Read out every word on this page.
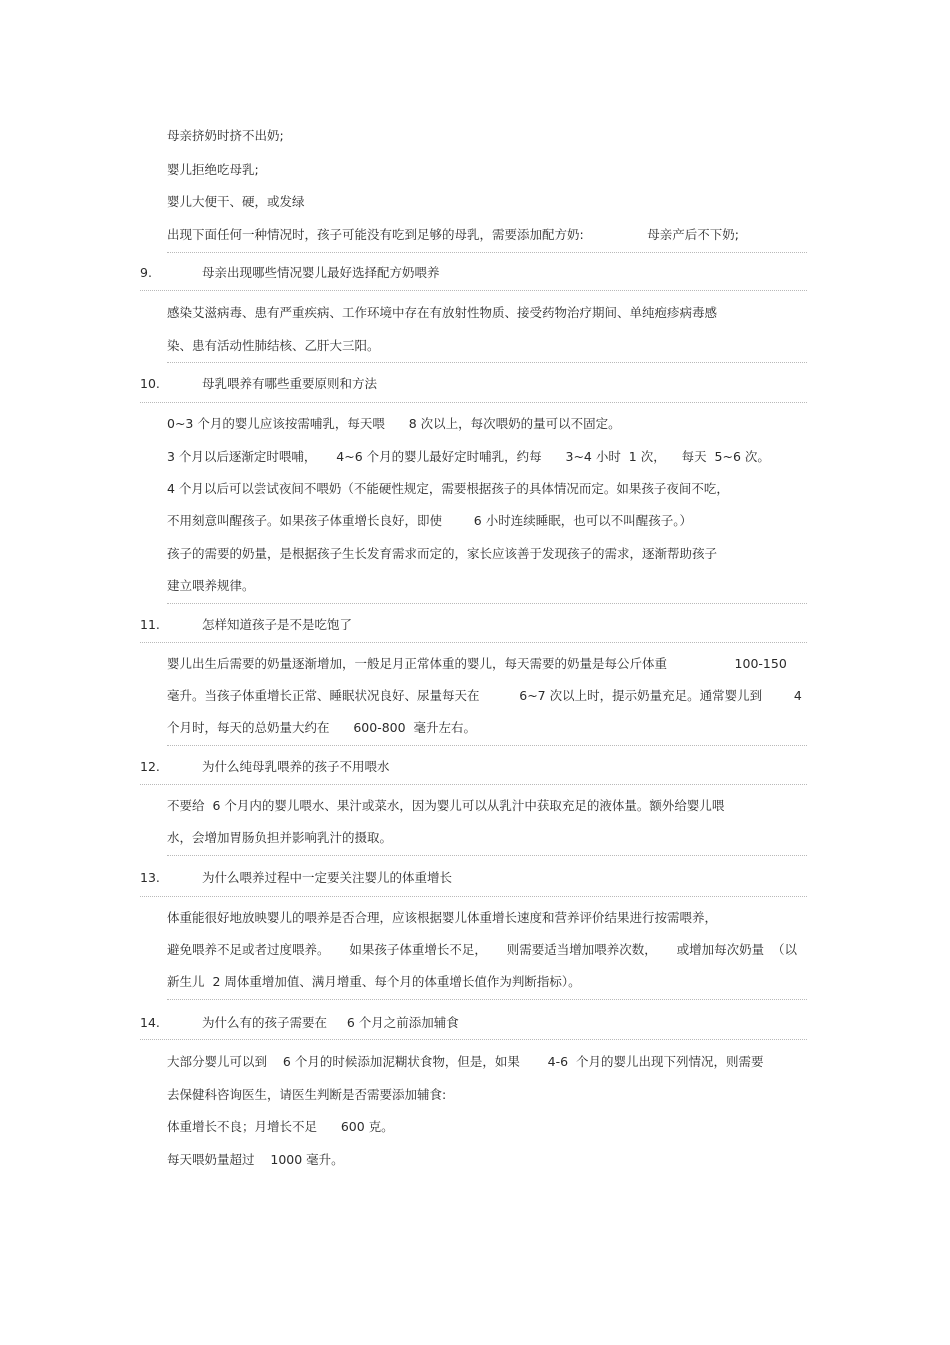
母亲挤奶时挤不出奶;
婴儿拒绝吃母乳;
婴儿大便干、硬，或发绿
出现下面任何一种情况时，孩子可能没有吃到足够的母乳，需要添加配方奶:                母亲产后不下奶;
9.	母亲出现哪些情况婴儿最好选择配方奶喂养
感染艾滋病毒、患有严重疾病、工作环境中存在有放射性物质、接受药物治疗期间、单纯疱疹病毒感
染、患有活动性肺结核、乙肝大三阳。
10.	母乳喂养有哪些重要原则和方法
0~3 个月的婴儿应该按需哺乳，每天喂      8 次以上，每次喂奶的量可以不固定。
3 个月以后逐渐定时喂哺，     4~6 个月的婴儿最好定时哺乳，约每      3~4 小时  1 次，    每天  5~6 次。
4 个月以后可以尝试夜间不喂奶（不能硬性规定，需要根据孩子的具体情况而定。如果孩子夜间不吃，
不用刻意叫醒孩子。如果孩子体重增长良好，即使        6 小时连续睡眠，也可以不叫醒孩子。）
孩子的需要的奶量，是根据孩子生长发育需求而定的，家长应该善于发现孩子的需求，逐渐帮助孩子
建立喂养规律。
11.	怎样知道孩子是不是吃饱了
婴儿出生后需要的奶量逐渐增加，一般足月正常体重的婴儿，每天需要的奶量是每公斤体重                 100-150
毫升。当孩子体重增长正常、睡眠状况良好、尿量每天在          6~7 次以上时，提示奶量充足。通常婴儿到        4
个月时，每天的总奶量大约在      600-800  毫升左右。
12.	为什么纯母乳喂养的孩子不用喂水
不要给  6 个月内的婴儿喂水、果汁或菜水，因为婴儿可以从乳汁中获取充足的液体量。额外给婴儿喂
水，会增加胃肠负担并影响乳汁的摄取。
13.	为什么喂养过程中一定要关注婴儿的体重增长
体重能很好地放映婴儿的喂养是否合理，应该根据婴儿体重增长速度和营养评价结果进行按需喂养，
避免喂养不足或者过度喂养。     如果孩子体重增长不足，     则需要适当增加喂养次数，     或增加每次奶量  （以
新生儿  2 周体重增加值、满月增重、每个月的体重增长值作为判断指标）。
14.	为什么有的孩子需要在     6 个月之前添加辅食
大部分婴儿可以到    6 个月的时候添加泥糊状食物，但是，如果       4-6  个月的婴儿出现下列情况，则需要
去保健科咨询医生，请医生判断是否需要添加辅食:
体重增长不良；月增长不足      600 克。
每天喂奶量超过    1000 毫升。
